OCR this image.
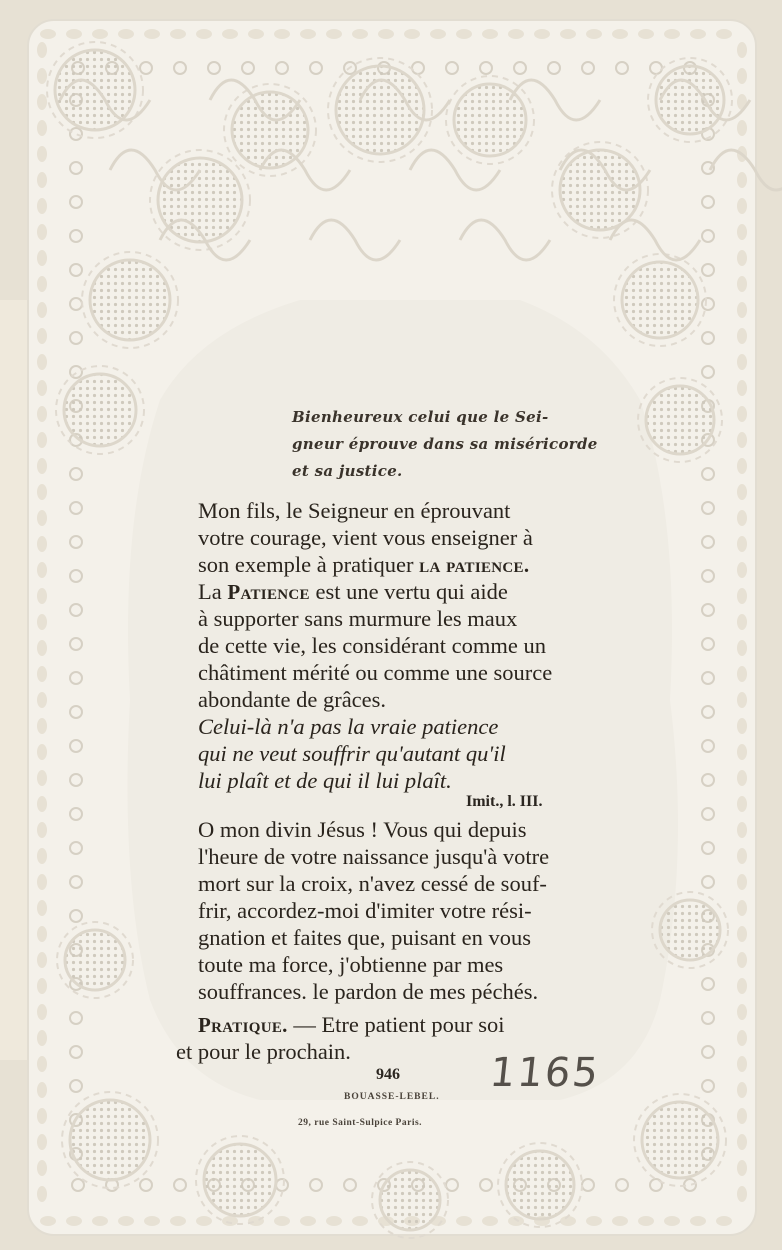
Bienheureux celui que le Sei-
gneur éprouve dans sa miséricorde
et sa justice.
Mon fils, le Seigneur en éprouvant
votre courage, vient vous enseigner à
son exemple à pratiquer la patience.
La Patience est une vertu qui aide
à supporter sans murmure les maux
de cette vie, les considérant comme un
châtiment mérité ou comme une source
abondante de grâces.
Celui-là n'a pas la vraie patience
qui ne veut souffrir qu'autant qu'il
lui plaît et de qui il lui plaît.
Imit., l. III.
O mon divin Jésus ! Vous qui depuis
l'heure de votre naissance jusqu'à votre
mort sur la croix, n'avez cessé de souf-
frir, accordez-moi d'imiter votre rési-
gnation et faites que, puisant en vous
toute ma force, j'obtienne par mes
souffrances. le pardon de mes péchés.
Pratique. — Etre patient pour soi
et pour le prochain.
946
BOUASSE-LEBEL.
29, rue Saint-Sulpice Paris.
1165
